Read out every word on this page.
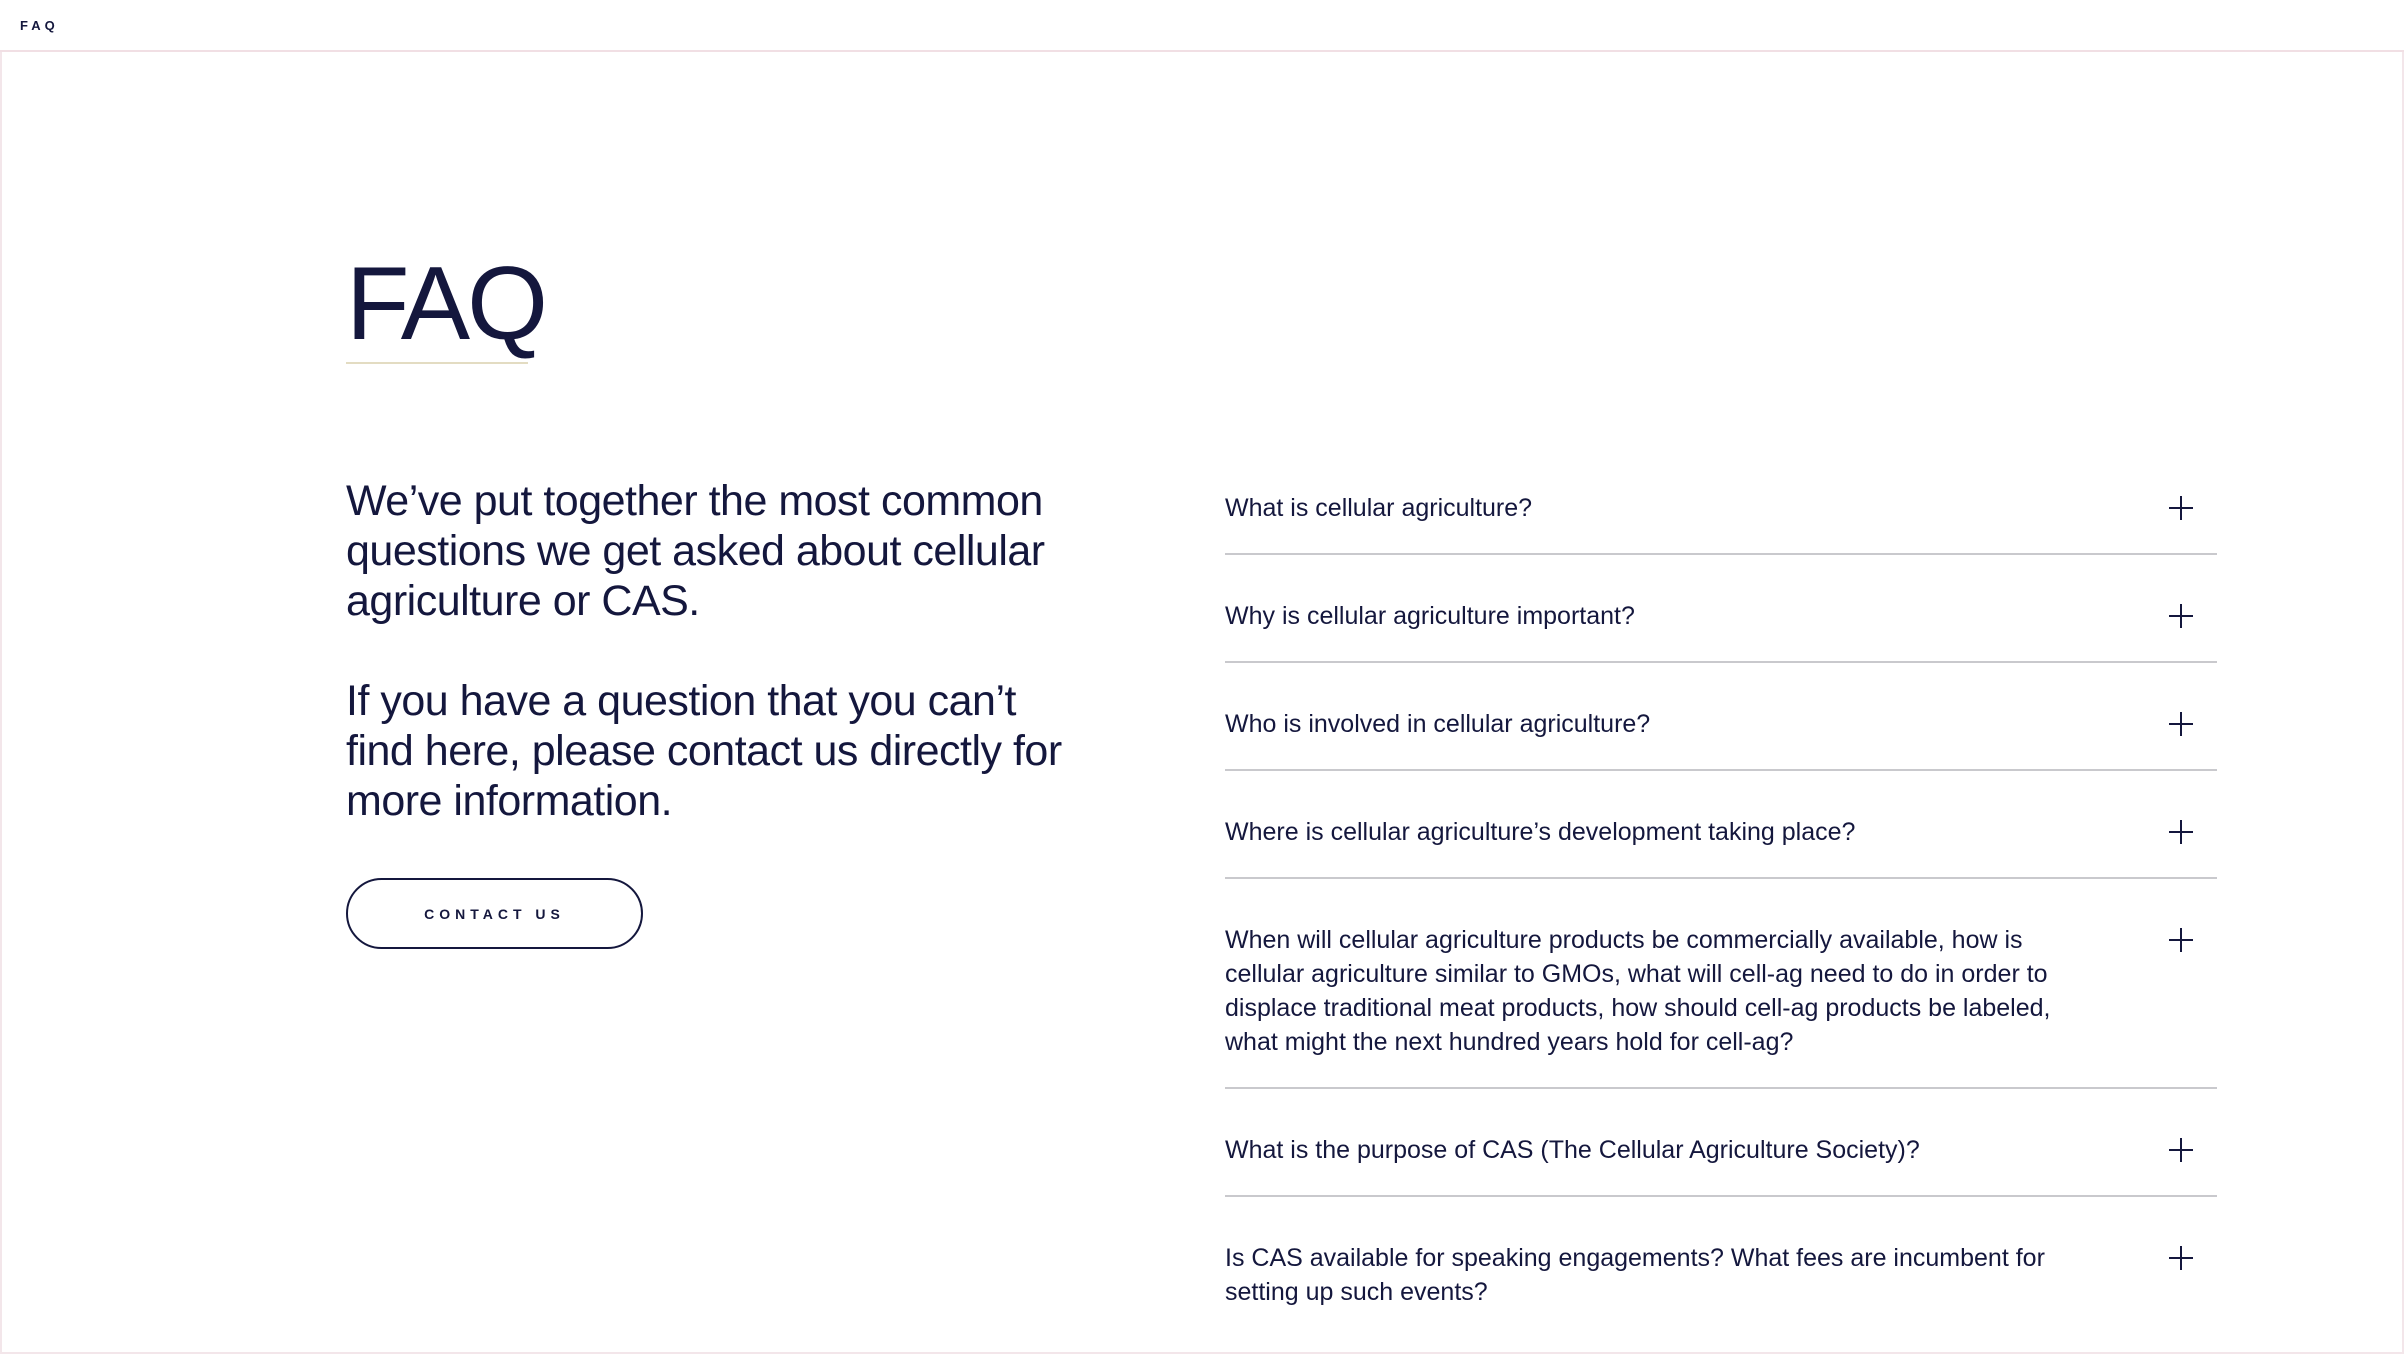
FAQ
FAQ

We’ve put together the most common questions we get asked about cellular agriculture or CAS.

If you have a question that you can’t find here, please contact us directly for more information.

CONTACT US
What is cellular agriculture?
Why is cellular agriculture important?
Who is involved in cellular agriculture?
Where is cellular agriculture’s development taking place?
When will cellular agriculture products be commercially available, how is cellular agriculture similar to GMOs, what will cell-ag need to do in order to displace traditional meat products, how should cell-ag products be labeled, what might the next hundred years hold for cell-ag?
What is the purpose of CAS (The Cellular Agriculture Society)?
Is CAS available for speaking engagements? What fees are incumbent for setting up such events?
